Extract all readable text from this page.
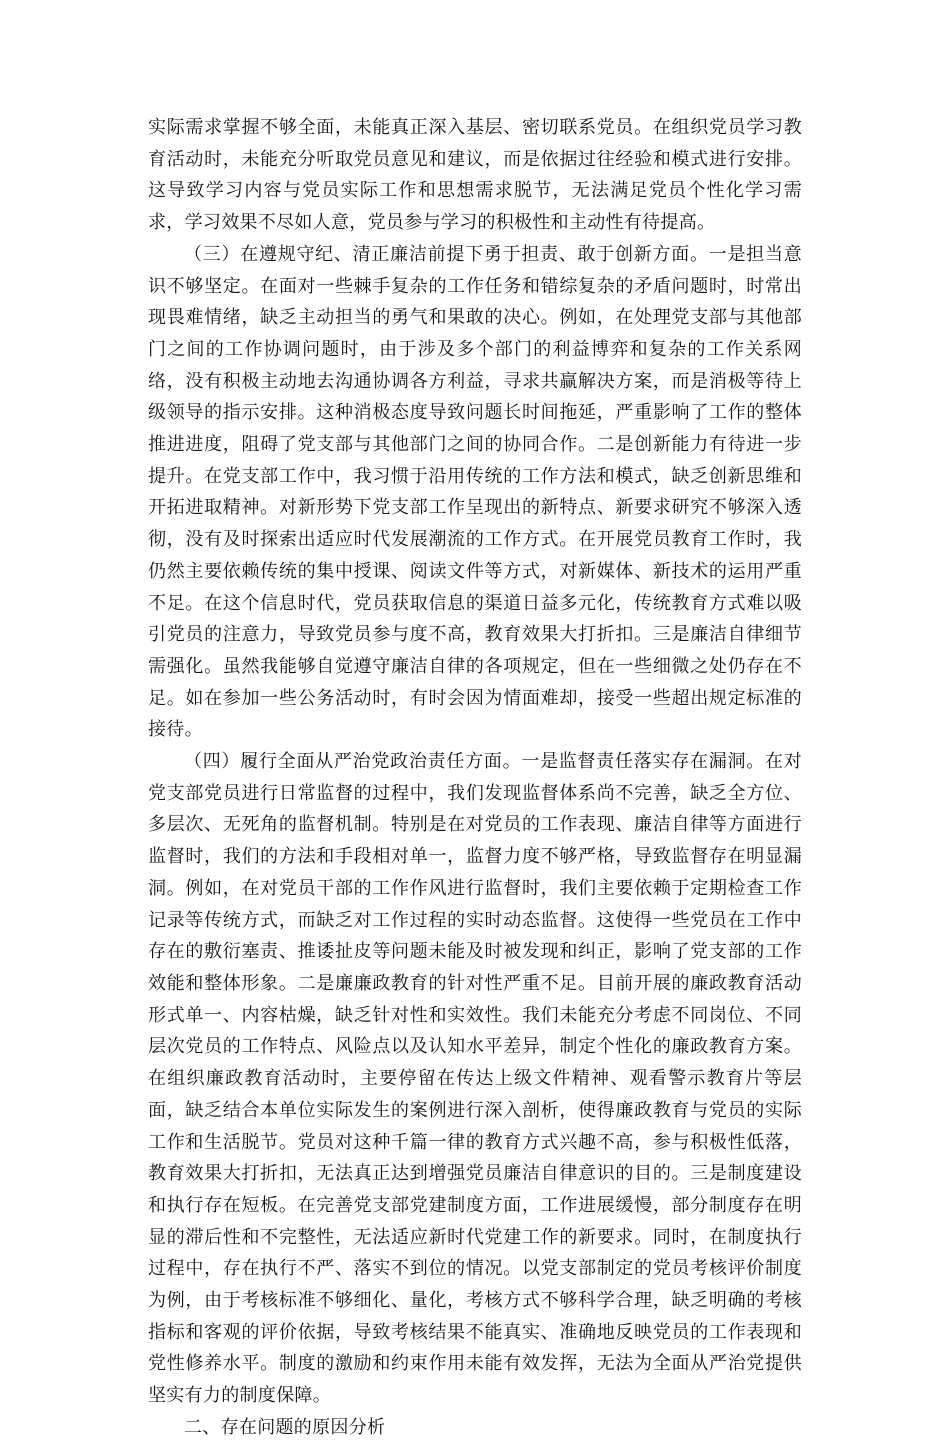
实际需求掌握不够全面，未能真正深入基层、密切联系党员。在组织党员学习教育活动时，未能充分听取党员意见和建议，而是依据过往经验和模式进行安排。这导致学习内容与党员实际工作和思想需求脱节，无法满足党员个性化学习需求，学习效果不尽如人意，党员参与学习的积极性和主动性有待提高。

（三）在遵规守纪、清正廉洁前提下勇于担责、敢于创新方面。一是担当意识不够坚定。在面对一些棘手复杂的工作任务和错综复杂的矛盾问题时，时常出现畏难情绪，缺乏主动担当的勇气和果敢的决心。例如，在处理党支部与其他部门之间的工作协调问题时，由于涉及多个部门的利益博弈和复杂的工作关系网络，没有积极主动地去沟通协调各方利益，寻求共赢解决方案，而是消极等待上级领导的指示安排。这种消极态度导致问题长时间拖延，严重影响了工作的整体推进进度，阻碍了党支部与其他部门之间的协同合作。二是创新能力有待进一步提升。在党支部工作中，我习惯于沿用传统的工作方法和模式，缺乏创新思维和开拓进取精神。对新形势下党支部工作呈现出的新特点、新要求研究不够深入透彻，没有及时探索出适应时代发展潮流的工作方式。在开展党员教育工作时，我仍然主要依赖传统的集中授课、阅读文件等方式，对新媒体、新技术的运用严重不足。在这个信息时代，党员获取信息的渠道日益多元化，传统教育方式难以吸引党员的注意力，导致党员参与度不高，教育效果大打折扣。三是廉洁自律细节需强化。虽然我能够自觉遵守廉洁自律的各项规定，但在一些细微之处仍存在不足。如在参加一些公务活动时，有时会因为情面难却，接受一些超出规定标准的接待。

（四）履行全面从严治党政治责任方面。一是监督责任落实存在漏洞。在对党支部党员进行日常监督的过程中，我们发现监督体系尚不完善，缺乏全方位、多层次、无死角的监督机制。特别是在对党员的工作表现、廉洁自律等方面进行监督时，我们的方法和手段相对单一，监督力度不够严格，导致监督存在明显漏洞。例如，在对党员干部的工作作风进行监督时，我们主要依赖于定期检查工作记录等传统方式，而缺乏对工作过程的实时动态监督。这使得一些党员在工作中存在的敷衍塞责、推诿扯皮等问题未能及时被发现和纠正，影响了党支部的工作效能和整体形象。二是廉廉政教育的针对性严重不足。目前开展的廉政教育活动形式单一、内容枯燥，缺乏针对性和实效性。我们未能充分考虑不同岗位、不同层次党员的工作特点、风险点以及认知水平差异，制定个性化的廉政教育方案。在组织廉政教育活动时，主要停留在传达上级文件精神、观看警示教育片等层面，缺乏结合本单位实际发生的案例进行深入剖析，使得廉政教育与党员的实际工作和生活脱节。党员对这种千篇一律的教育方式兴趣不高，参与积极性低落，教育效果大打折扣，无法真正达到增强党员廉洁自律意识的目的。三是制度建设和执行存在短板。在完善党支部党建制度方面，工作进展缓慢，部分制度存在明显的滞后性和不完整性，无法适应新时代党建工作的新要求。同时，在制度执行过程中，存在执行不严、落实不到位的情况。以党支部制定的党员考核评价制度为例，由于考核标准不够细化、量化，考核方式不够科学合理，缺乏明确的考核指标和客观的评价依据，导致考核结果不能真实、准确地反映党员的工作表现和党性修养水平。制度的激励和约束作用未能有效发挥，无法为全面从严治党提供坚实有力的制度保障。

二、存在问题的原因分析
